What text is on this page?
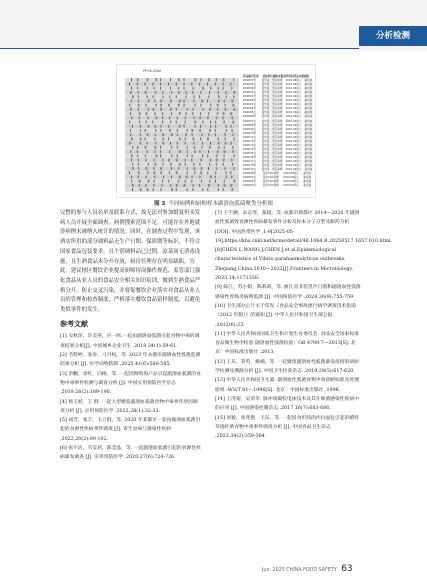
分析检测
PFGE-XbaI
样品编号 性别	送检单位 菌株来源 采样时间 样品来源 病原
ZD0037 男	温州第二医院 粪便	2019.08 病人	副溶血
ZD0045 女	温州第二医院 粪便	2019.08 病人	副溶血
ZD0056 男	温州第二医院 粪便	2019.09 病人	副溶血
ZD0052 女	温州第二医院 粪便	2019.09 病人	副溶血
ZD0061 男	温州第二医院 粪便	2019.09 病人	副溶血
ZD0062 男	温州第二医院 粪便	2019.09 病人	副溶血
ZD0063 女	温州第二医院 粪便	2019.09 病人	副溶血
ZD0064 男	温州第二医院 粪便	2019.09 病人	副溶血
ZD0065 女	温州第二医院 粪便	2019.09 病人	副溶血
ZD0066 男	温州第二医院 粪便	2019.09 病人	副溶血
ZD0067 女	温州第二医院 粪便	2019.09 病人	副溶血
ZD0068 男	温州第二医院 粪便	2019.09 病人	副溶血
ZD0069 女	温州第二医院 粪便	2019.09 病人	副溶血
ZD0070 男	温州第二医院 粪便	2019.09 病人	副溶血
ZD0071 女	温州第二医院 粪便	2019.09 病人	副溶血
ZD0072 男	温州第二医院 粪便	2019.09 病人	副溶血
ZD0073 女	温州第二医院 粪便	2019.09 病人	副溶血
ZD0074 男	温州第二医院 粪便	2019.09 病人	副溶血
ZD0075 女	温州第二医院 粪便	2019.09 病人	副溶血
ZD0076 男	温州第二医院 粪便	2019.09 病人	副溶血
ZD0077 女	温州第二医院 粪便	2019.09 病人	副溶血
ZD0078 男	温州第二医院 粪便	2019.09 病人	副溶血
ZD0079 女	温州第二医院 粪便	2019.09 病人	副溶血
ZD0080 男	温州CDC 粪便	2019.09 病人	副溶血
ZD0081 女	温州CDC 粪便	2019.09 病人	副溶血
ZD0082 男	温州CDC 粪便	2019.09 病人	副溶血
ZD0083 女	温州CDC 粪便	2019.09 病人	副溶血
图 3 不同病例和厨师样本副溶血弧菌聚类分析图

完整的参与人员名单及联系方式，故无法对参加婚宴但未发病人员开展全面调查。病例搜索范围不足，可能存在外地就诊病例未被纳入统计的情况。同时，在调查过程中发现，该酒店所用的部分调料品无生产日期、保质期等标识，不符合国家食品包装要求，且个别调料品已过期，凉菜间无消毒设施，且生熟食品未分开存放，厨房管理存在明显缺陷。为此，建议辖区餐饮企业提高厨师待岗操作规范，监管部门强化食品从业人员的食品安全相关知识培训，做到生熟食品严格分开，防止交叉污染，并督促餐饮企业落实对食品从业人员的管理和检查制度，严格落实餐饮食品留样制度，以避免类似事件的发生。

参考文献

[1] 吴秋萍，许美英，应一鸣.一起由副溶血弧菌引起食物中毒的调查结果分析[J]. 中国城乡企业卫生 ,2019,34(1):59-61.

[2] 毛辉婷，张涛，刁丹权，等. 2023 年永德市副溶血性弧菌监测结果分析 [J]. 医学动物防制 ,2025,41(6):580-585.

[3] 余鹏，余红，向梅，等. 一起因网购海产品引起副溶血弧菌的食物中毒事件检测与调查分析 [J]. 中国实用预防医学杂志 ,2019,26(2):189-190.

[4] 杨玉姣，王 群. 一起大型婚宴副溶血弧菌食物中毒事件原因调查分析 [J]. 应用预防医学 ,2022,28(1):32-33.

[5] 胡芳，张丰，王立群，等. 2020 年某都市一起由副溶血弧菌引起的食源性疾病事件调查 [J]. 寄生虫病与感染性疾病 ,2022,20(2):99-102.

[6] 张宇洁，韦莹莉，陈莹晶，等. 一起副溶血弧菌引起的食源性疾病暴发调查 [J]. 实用预防医学 ,2020,27(6):724-726.

[7] 王宇潮，宋志琴，秦超，等. 成都市新都区 2014—2020 年副溶血性弧菌致食源性疾病暴发事件分析及样本分子分型及耐药分析 [DOI]. 中国热带医学 ,1-9[2025-05-19].https://kns.cnki.net/kcms/detail/46.1064.R.20250517.1657.010.html.

[8]CHEN L,WANG J,CHEN J,et al.Epidemiological characteristics of Vibrio parahaemolyticus outbreaks, Zhejiang,China,2010—2022[J].Frontiers in Microbiology, 2023,14:1171350.

[9] 陈江，苏小娟，陈莉莉，等. 浙江省非倍里沙门菌和副溶血性弧菌感染性胃肠炎病例监测 [J]. 中国预防医学 ,2024,36(9):755-759.

[10] 卫生部办公厅关于印发《食品安全事故流行病学调查技术指南（2012 年版）》的通知 [J]. 中华人民共和国卫生部公报 ,2012(6):23.

[11] 中华人民共和国国家卫生和计划生育委员会. 食品安全国家标准 食品微生物学检验 副溶血性弧菌检验：GB 4789.7—2013[S]. 北京：中国标准出版社 ,2013.

[12] 王乐，管英，姚楠，等. 一起聚集副溶血性弧菌暴发疫情的病原学检测及溯源分析 [J]. 中国卫生检验杂志 ,2019,29(5):617-620.

[13] 中华人民共和国卫生部. 副溶血性弧菌食物中毒诊断标准及处理原则 :WS/T 81—1996[S]. 北京：中国标准出版社 ,1996.

[14] 王清菊，吴荣华. 脉冲场凝胶电泳技术及其在细菌感染性疾病中的应用 [J]. 中国感染控制杂志 ,2017,16(7):683-686.

[15] 刘毅，张兆艳，王东，等. 一起因食用熟肉沙拉面包引起的蜡样芽孢杆菌食物中毒事件调查分析 [J]. 中国食品卫生杂志 ,2023,34(2):359-364.

Jun. 2025 CHINA FOOD SAFETY 63
